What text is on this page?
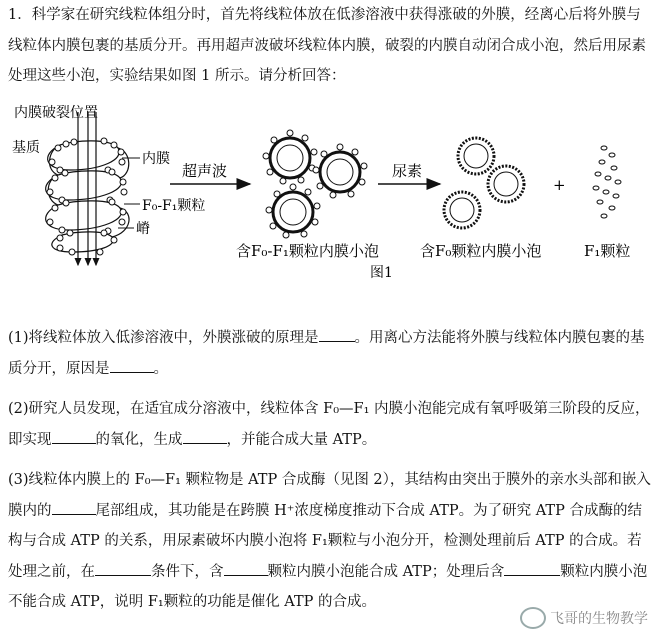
1．科学家在研究线粒体组分时，首先将线粒体放在低渗溶液中获得涨破的外膜，经离心后将外膜与线粒体内膜包裹的基质分开。再用超声波破坏线粒体内膜，破裂的内膜自动闭合成小泡，然后用尿素处理这些小泡，实验结果如图 1 所示。请分析回答：

内膜破裂位置
基质
内膜
F₀-F₁颗粒
嵴
超声波	尿素
+
含F₀-F₁颗粒内膜小泡	含F₀颗粒内膜小泡	F₁颗粒
图1

(1)将线粒体放入低渗溶液中，外膜涨破的原理是 。用离心方法能将外膜与线粒体内膜包裹的基质分开，原因是	。

(2)研究人员发现，在适宜成分溶液中，线粒体含 F₀—F₁ 内膜小泡能完成有氧呼吸第三阶段的反应，即实现	的氧化，生成	，并能合成大量 ATP。

(3)线粒体内膜上的 F₀—F₁ 颗粒物是 ATP 合成酶（见图 2），其结构由突出于膜外的亲水头部和嵌入膜内的	尾部组成，其功能是在跨膜 H⁺浓度梯度推动下合成 ATP。为了研究 ATP 合成酶的结构与合成 ATP 的关系，用尿素破坏内膜小泡将 F₁颗粒与小泡分开，检测处理前后 ATP 的合成。若处理之前，在	条件下，含	颗粒内膜小泡能合成 ATP；处理后含	颗粒内膜小泡不能合成 ATP，说明 F₁颗粒的功能是催化 ATP 的合成。

飞哥的生物教学
